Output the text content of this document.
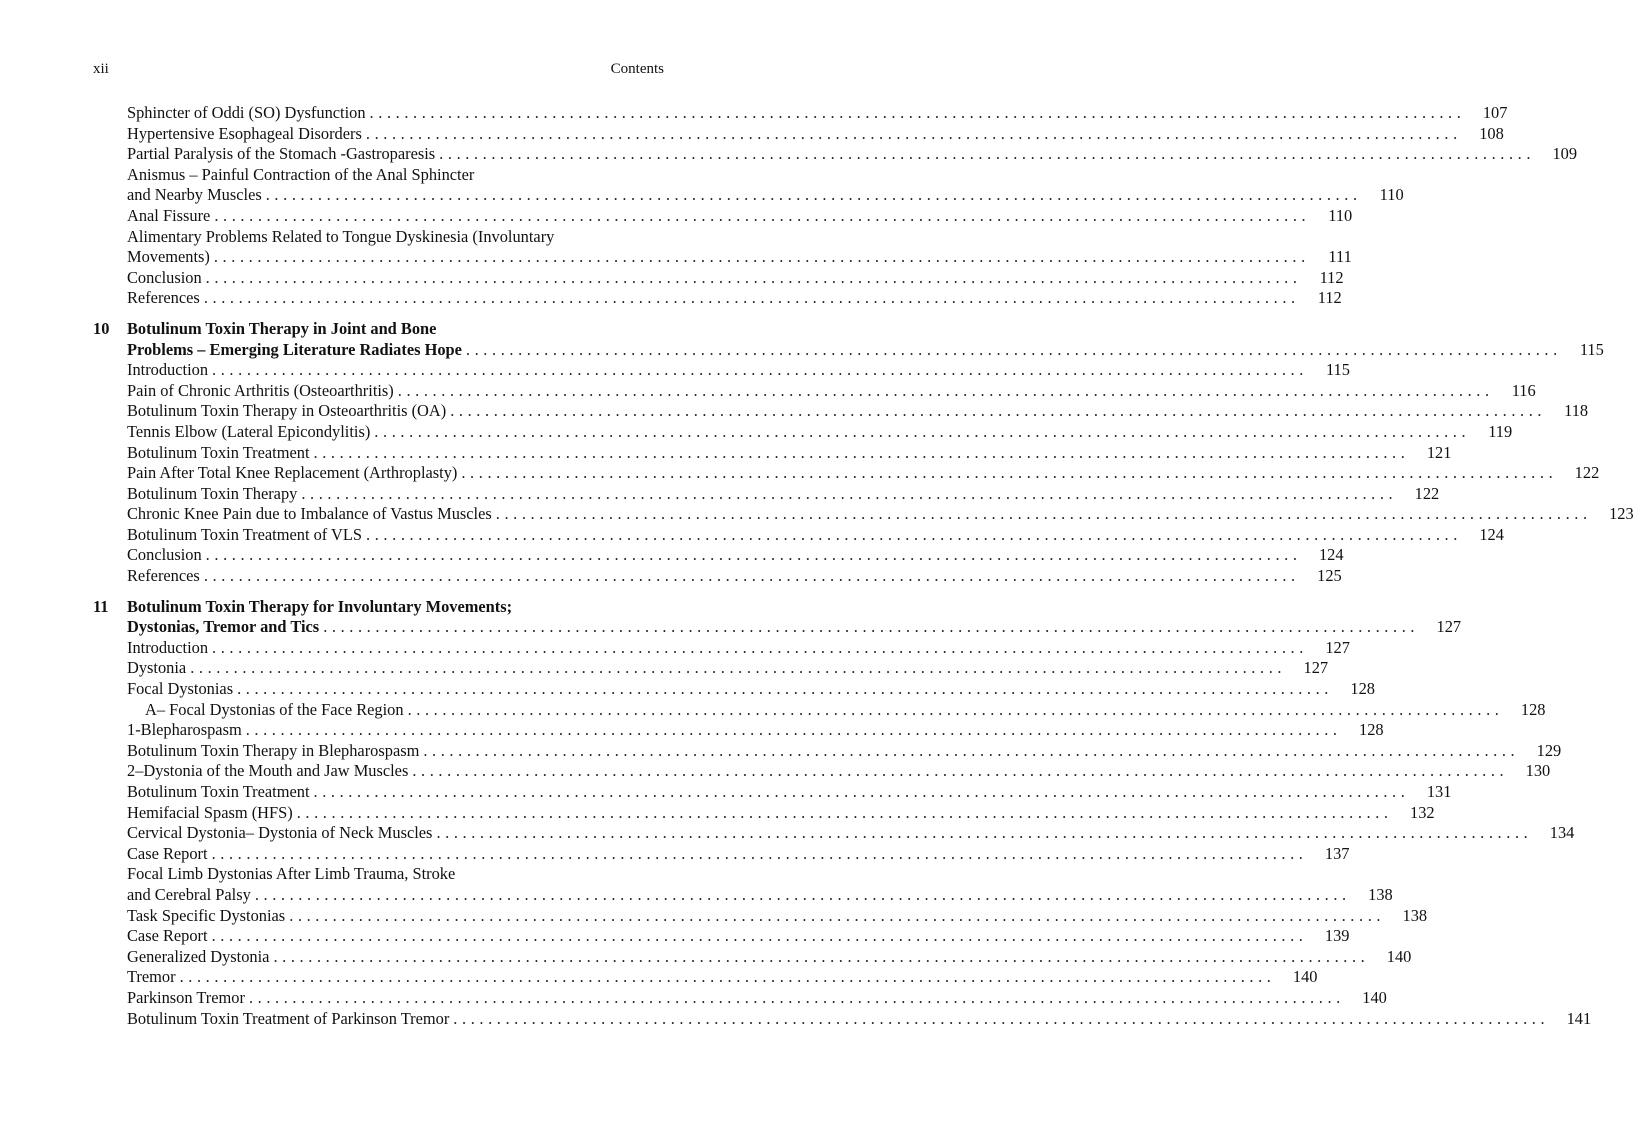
xii	Contents
Sphincter of Oddi (SO) Dysfunction ..............................................................................................................................	107
Hypertensive Esophageal Disorders ..............................................................................................................................	108
Partial Paralysis of the Stomach -Gastroparesis ..............................................................................................................................	109
Anismus – Painful Contraction of the Anal Sphincter
and Nearby Muscles ..............................................................................................................................	110
Anal Fissure ..............................................................................................................................	110
Alimentary Problems Related to Tongue Dyskinesia (Involuntary
Movements) ..............................................................................................................................	111
Conclusion ..............................................................................................................................	112
References ..............................................................................................................................	112
10 Botulinum Toxin Therapy in Joint and Bone
Problems – Emerging Literature Radiates Hope ..............................................................................................................................	115
Introduction ..............................................................................................................................	115
Pain of Chronic Arthritis (Osteoarthritis) ..............................................................................................................................	116
Botulinum Toxin Therapy in Osteoarthritis (OA) ..............................................................................................................................	118
Tennis Elbow (Lateral Epicondylitis) ..............................................................................................................................	119
Botulinum Toxin Treatment ..............................................................................................................................	121
Pain After Total Knee Replacement (Arthroplasty) ..............................................................................................................................	122
Botulinum Toxin Therapy ..............................................................................................................................	122
Chronic Knee Pain due to Imbalance of Vastus Muscles ..............................................................................................................................	123
Botulinum Toxin Treatment of VLS ..............................................................................................................................	124
Conclusion ..............................................................................................................................	124
References ..............................................................................................................................	125
11 Botulinum Toxin Therapy for Involuntary Movements;
Dystonias, Tremor and Tics ..............................................................................................................................	127
Introduction ..............................................................................................................................	127
Dystonia ..............................................................................................................................	127
Focal Dystonias ..............................................................................................................................	128
A– Focal Dystonias of the Face Region ..............................................................................................................................	128
1-Blepharospasm ..............................................................................................................................	128
Botulinum Toxin Therapy in Blepharospasm ..............................................................................................................................	129
2–Dystonia of the Mouth and Jaw Muscles ..............................................................................................................................	130
Botulinum Toxin Treatment ..............................................................................................................................	131
Hemifacial Spasm (HFS) ..............................................................................................................................	132
Cervical Dystonia– Dystonia of Neck Muscles ..............................................................................................................................	134
Case Report ..............................................................................................................................	137
Focal Limb Dystonias After Limb Trauma, Stroke
and Cerebral Palsy ..............................................................................................................................	138
Task Specific Dystonias ..............................................................................................................................	138
Case Report ..............................................................................................................................	139
Generalized Dystonia ..............................................................................................................................	140
Tremor ..............................................................................................................................	140
Parkinson Tremor ..............................................................................................................................	140
Botulinum Toxin Treatment of Parkinson Tremor ..............................................................................................................................	141
